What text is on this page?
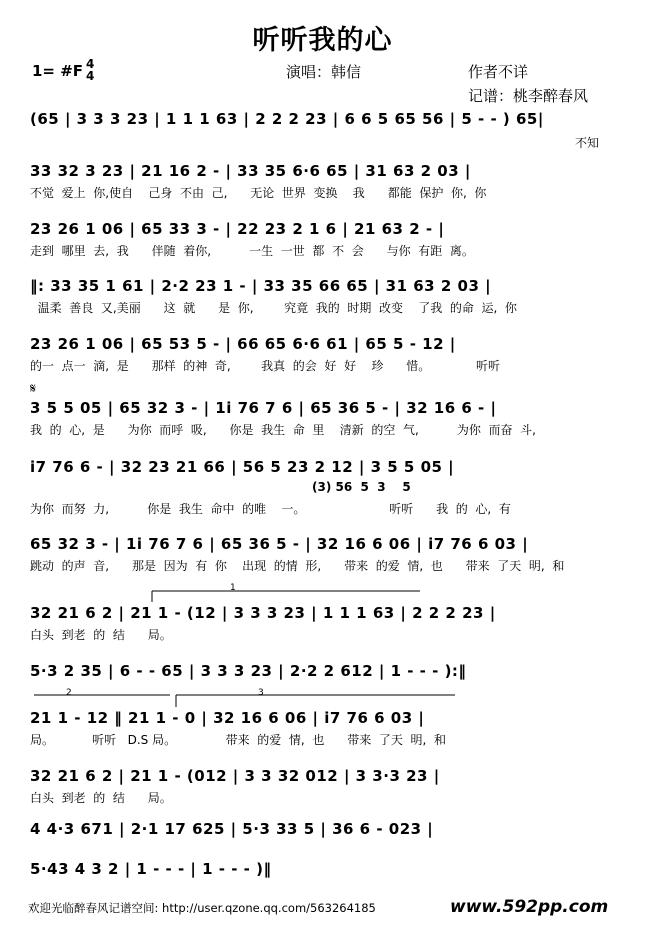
听听我的心
1= #F 4
4	演唱：韩信	作者不详
记谱：桃李醉春风
(65 | 3 3 3 23 | 1 1 1 63 | 2 2 2 23 | 6 6 5 65 56 | 5 - - ) 65|
33 32 3 23 | 21 16 2 - | 33 35 6·6 65 | 31 63 2 03 |
不觉  爱上  你,使自    己身  不由  己,      无论  世界  变换    我      都能  保护  你,  你
23 26 1 06 | 65 33 3 - | 22 23 2 1 6 | 21 63 2 - |
走到  哪里  去,  我      伴随  着你,          一生  一世  都  不  会      与你  有距  离。
‖: 33 35 1 61 | 2·2 23 1 - | 33 35 66 65 | 31 63 2 03 |
温柔  善良  又,美丽      这  就      是  你,        究竟  我的  时期  改变    了我  的命  运,  你
23 26 1 06 | 65 53 5 - | 66 65 6·6 61 | 65 5 - 12 |
的一  点一  滴,  是      那样  的神  奇,        我真  的会  好  好    珍      惜。            听听
3 5 5 05 | 65 32 3 - | 1i 76 7 6 | 65 36 5 - | 32 16 6 - |
我  的  心,  是      为你  而呼  吸,      你是  我生  命  里    清新  的空  气,          为你  而奋  斗,
i7 76 6 - | 32 23 21 66 | 56 5 23 2 12 | 3 5 5 05 |
(3) 56  5  3    5
为你  而努  力,          你是  我生  命中  的唯    一。                      听听      我  的  心,  有
65 32 3 - | 1i 76 7 6 | 65 36 5 - | 32 16 6 06 | i7 76 6 03 |
跳动  的声  音,      那是  因为  有  你    出现  的情  形,      带来  的爱  情,  也      带来  了天  明,  和
32 21 6 2 | 21 1 - (12 | 3 3 3 23 | 1 1 1 63 | 2 2 2 23 |
白头  到老  的  结      局。
5·3 2 35 | 6 - - 65 | 3 3 3 23 | 2·2 2 612 | 1 - - - ):‖
21 1 - 12 ‖ 21 1 - 0 | 32 16 6 06 | i7 76 6 03 |
局。          听听   D.S 局。             带来  的爱  情,  也      带来  了天  明,  和
32 21 6 2 | 21 1 - (012 | 3 3 32 012 | 3 3·3 23 |
白头  到老  的  结      局。
4 4·3 671 | 2·1 17 625 | 5·3 33 5 | 36 6 - 023 |
5·43 4 3 2 | 1 - - - | 1 - - - )‖
不知
𝄋
1
2	3
欢迎光临醉春风记谱空间: http://user.qzone.qq.com/563264185	www.592pp.com
